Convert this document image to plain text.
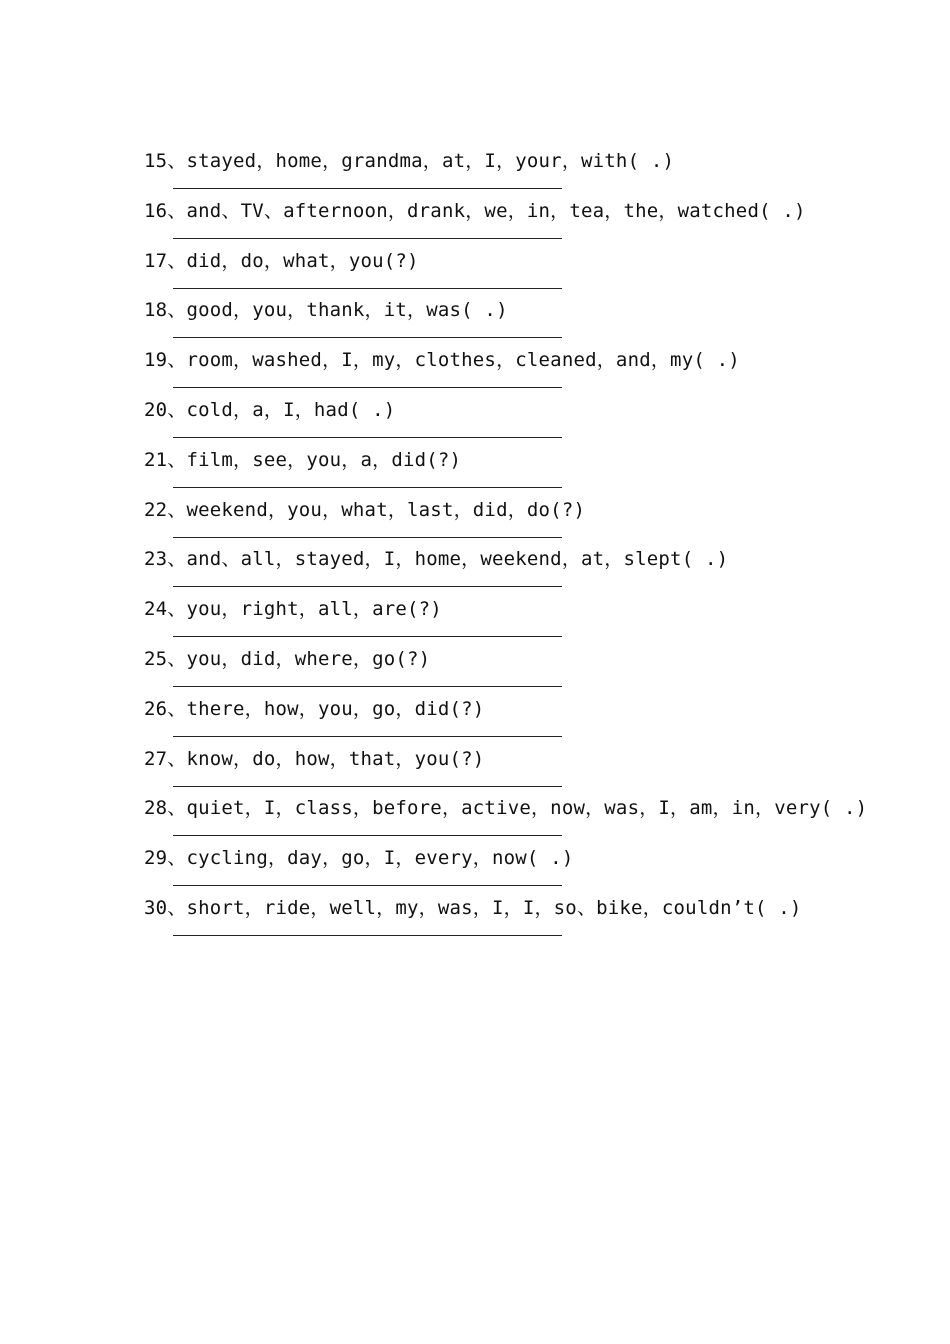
15、stayed，home，grandma，at，I，your，with( .)
16、and、TV、afternoon，drank，we，in，tea，the，watched( .)
17、did，do，what，you(?)
18、good，you，thank，it，was( .)
19、room，washed，I，my，clothes，cleaned，and，my( .)
20、cold，a，I，had( .)
21、film，see，you，a，did(?)
22、weekend，you，what，last，did，do(?)
23、and、all，stayed，I，home，weekend，at，slept( .)
24、you，right，all，are(?)
25、you，did，where，go(?)
26、there，how，you，go，did(?)
27、know，do，how，that，you(?)
28、quiet，I，class，before，active，now，was，I，am，in，very( .)
29、cycling，day，go，I，every，now( .)
30、short，ride，well，my，was，I，I，so、bike，couldn’t( .)
